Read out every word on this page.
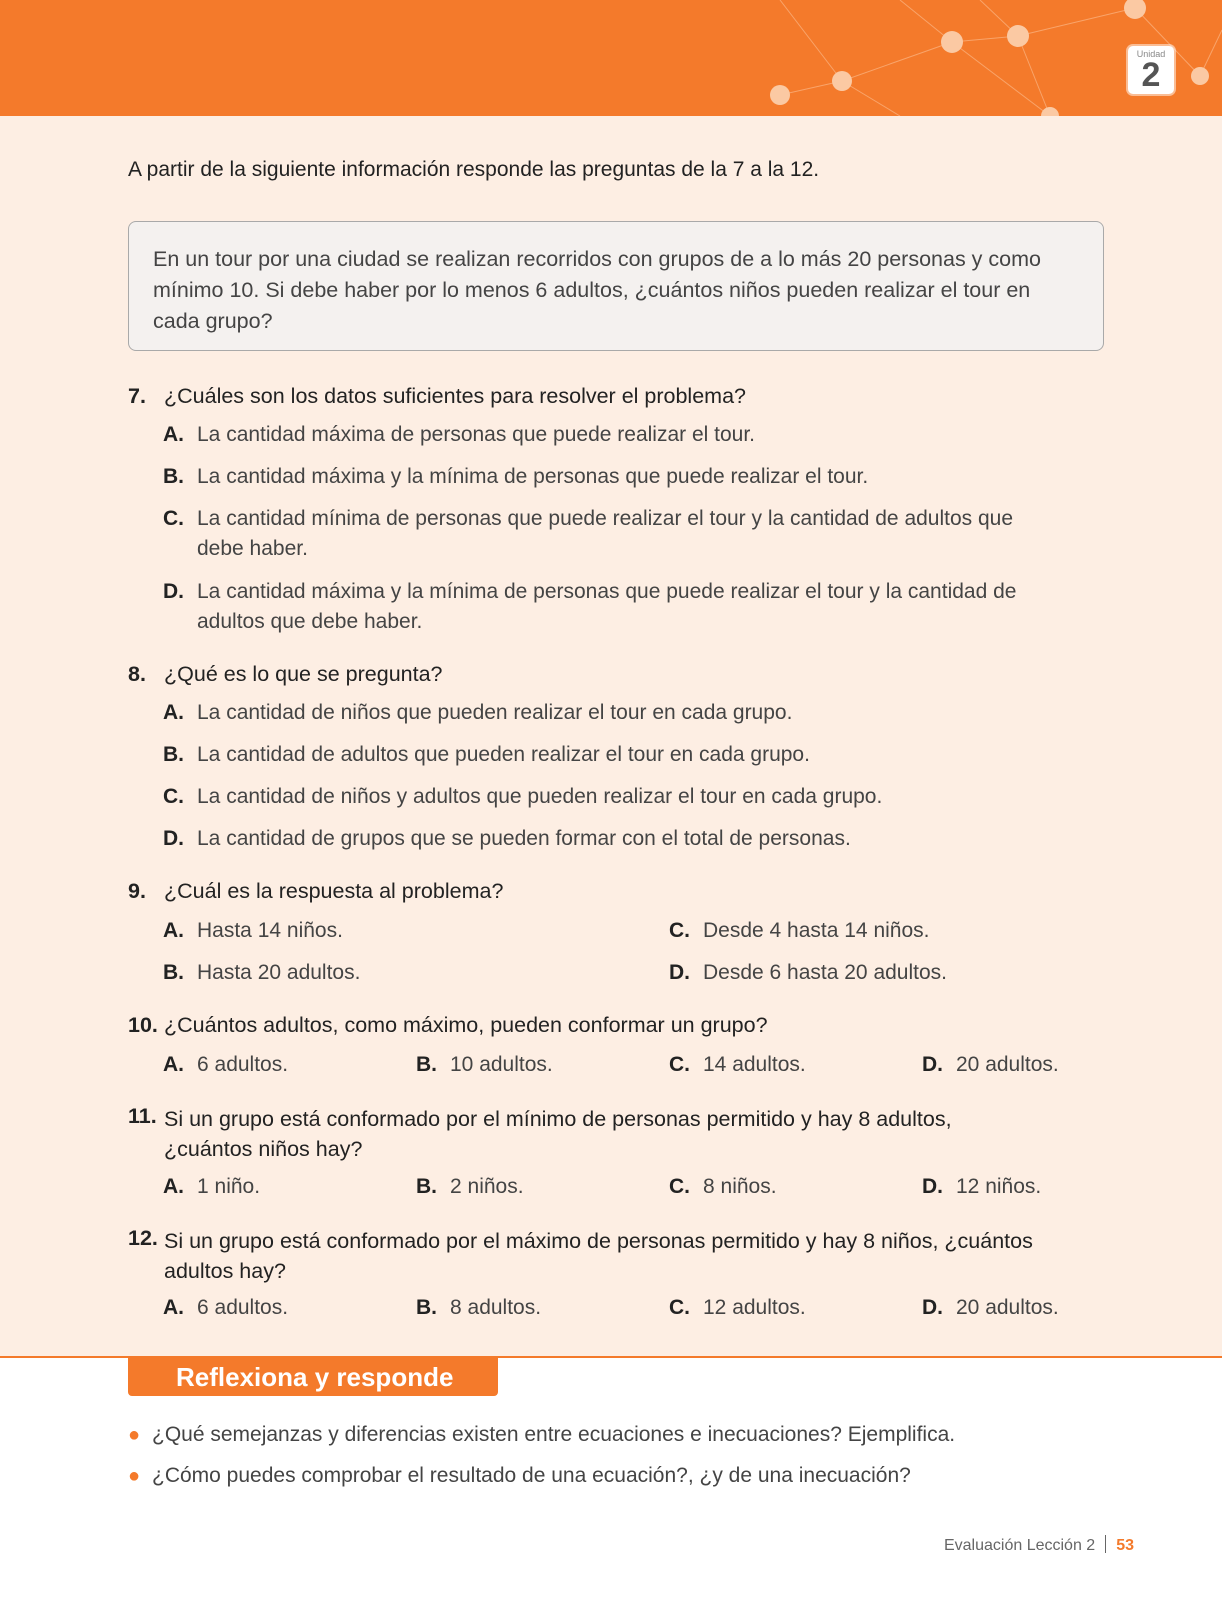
Unidad
2
A partir de la siguiente información responde las preguntas de la 7 a la 12.

En un tour por una ciudad se realizan recorridos con grupos de a lo más 20 personas y como mínimo 10. Si debe haber por lo menos 6 adultos, ¿cuántos niños pueden realizar el tour en cada grupo?

7. ¿Cuáles son los datos suficientes para resolver el problema?
A. La cantidad máxima de personas que puede realizar el tour.
B. La cantidad máxima y la mínima de personas que puede realizar el tour.
C. La cantidad mínima de personas que puede realizar el tour y la cantidad de adultos que debe haber.
D. La cantidad máxima y la mínima de personas que puede realizar el tour y la cantidad de adultos que debe haber.
8. ¿Qué es lo que se pregunta?
A. La cantidad de niños que pueden realizar el tour en cada grupo.
B. La cantidad de adultos que pueden realizar el tour en cada grupo.
C. La cantidad de niños y adultos que pueden realizar el tour en cada grupo.
D. La cantidad de grupos que se pueden formar con el total de personas.
9. ¿Cuál es la respuesta al problema?
A. Hasta 14 niños.
B. Hasta 20 adultos.
C. Desde 4 hasta 14 niños.
D. Desde 6 hasta 20 adultos.
10. ¿Cuántos adultos, como máximo, pueden conformar un grupo?
A. 6 adultos.	B. 10 adultos.	C. 14 adultos.	D. 20 adultos.
11. Si un grupo está conformado por el mínimo de personas permitido y hay 8 adultos, ¿cuántos niños hay?
A. 1 niño.	B. 2 niños.	C. 8 niños.	D. 12 niños.
12. Si un grupo está conformado por el máximo de personas permitido y hay 8 niños, ¿cuántos adultos hay?
A. 6 adultos.	B. 8 adultos.	C. 12 adultos.	D. 20 adultos.
Reflexiona y responde
● ¿Qué semejanzas y diferencias existen entre ecuaciones e inecuaciones? Ejemplifica.
● ¿Cómo puedes comprobar el resultado de una ecuación?, ¿y de una inecuación?
Evaluación Lección 2 53
